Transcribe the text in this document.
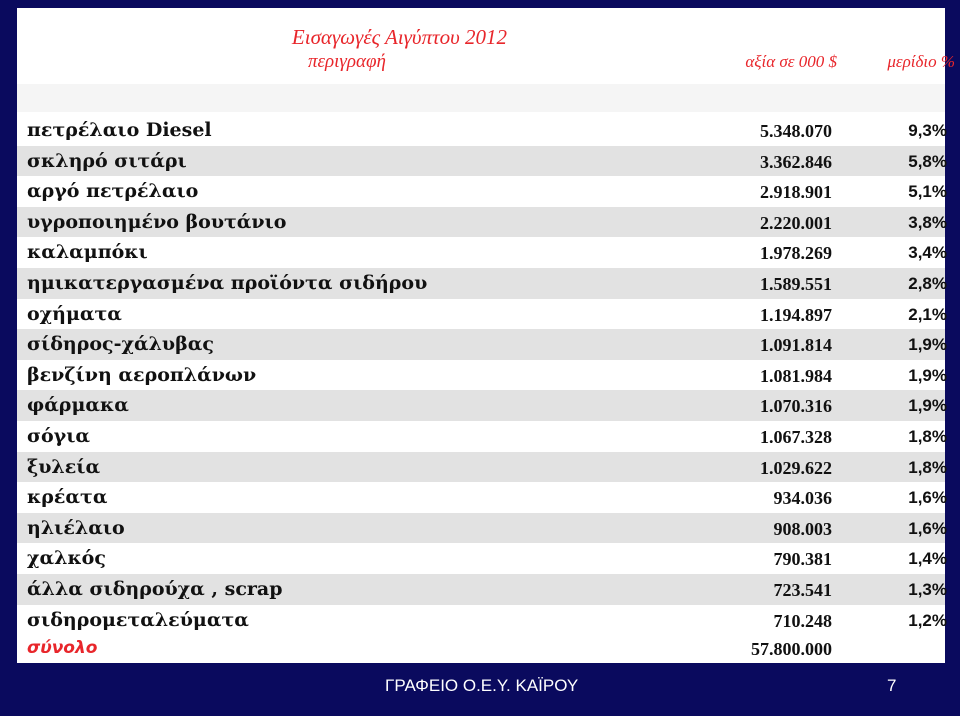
Εισαγωγές Αιγύπτου 2012
περιγραφή	αξία σε 000 $	μερίδιο %
πετρέλαιο Diesel	5.348.070	9,3%
σκληρό σιτάρι	3.362.846	5,8%
αργό πετρέλαιο	2.918.901	5,1%
υγροποιημένο βουτάνιο	2.220.001	3,8%
καλαμπόκι	1.978.269	3,4%
ημικατεργασμένα προϊόντα σιδήρου	1.589.551	2,8%
οχήματα	1.194.897	2,1%
σίδηρος-χάλυβας	1.091.814	1,9%
βενζίνη αεροπλάνων	1.081.984	1,9%
φάρμακα	1.070.316	1,9%
σόγια	1.067.328	1,8%
ξυλεία	1.029.622	1,8%
κρέατα	934.036	1,6%
ηλιέλαιο	908.003	1,6%
χαλκός	790.381	1,4%
άλλα σιδηρούχα , scrap	723.541	1,3%
σιδηρομεταλεύματα	710.248	1,2%
σύνολο	57.800.000
ΓΡΑΦΕΙΟ Ο.Ε.Υ. ΚΑΪΡΟΥ	7
